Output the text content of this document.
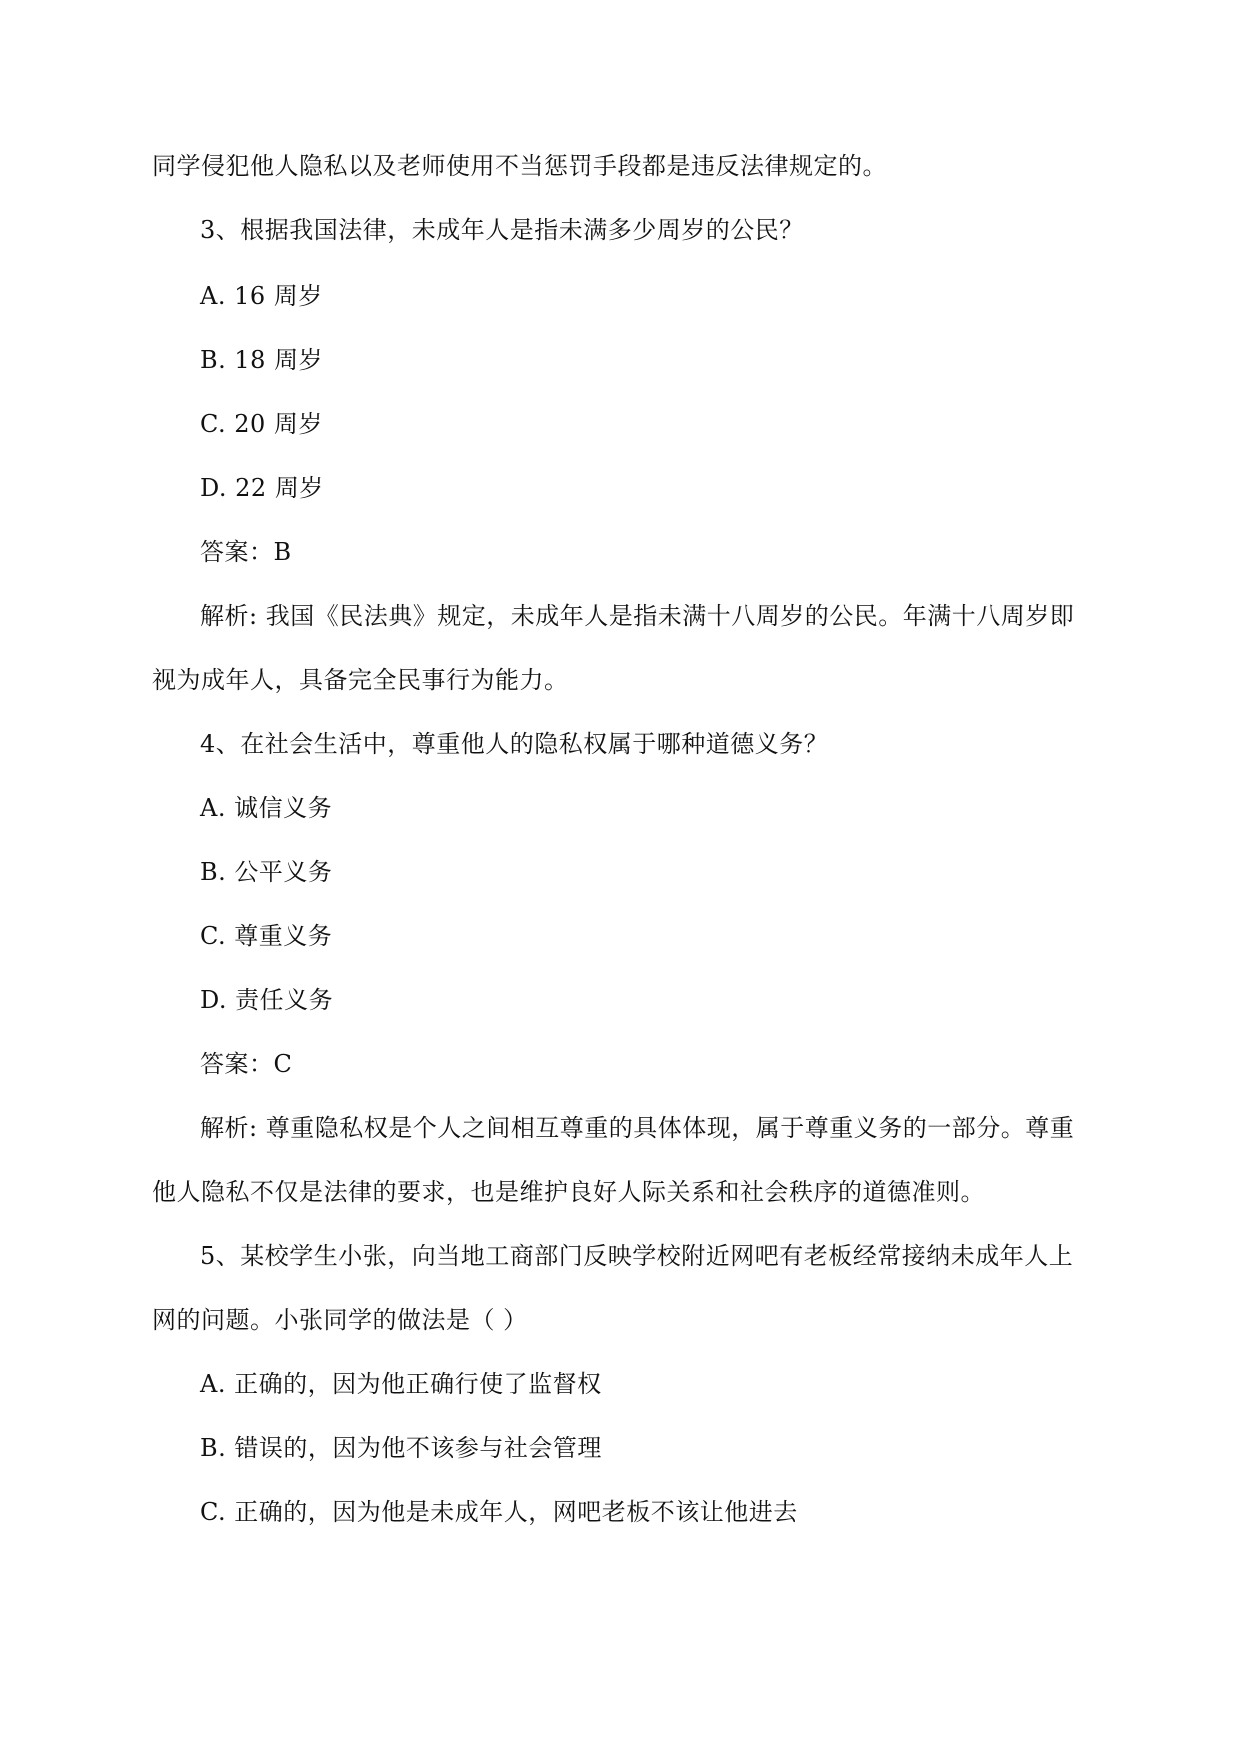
同学侵犯他人隐私以及老师使用不当惩罚手段都是违反法律规定的。
3、根据我国法律，未成年人是指未满多少周岁的公民？
A. 16 周岁
B. 18 周岁
C. 20 周岁
D. 22 周岁
答案：B
解析: 我国《民法典》规定，未成年人是指未满十八周岁的公民。年满十八周岁即
视为成年人，具备完全民事行为能力。
4、在社会生活中，尊重他人的隐私权属于哪种道德义务？
A. 诚信义务
B. 公平义务
C. 尊重义务
D. 责任义务
答案：C
解析: 尊重隐私权是个人之间相互尊重的具体体现，属于尊重义务的一部分。尊重
他人隐私不仅是法律的要求，也是维护良好人际关系和社会秩序的道德准则。
5、某校学生小张，向当地工商部门反映学校附近网吧有老板经常接纳未成年人上
网的问题。小张同学的做法是（ ）
A. 正确的，因为他正确行使了监督权
B. 错误的，因为他不该参与社会管理
C. 正确的，因为他是未成年人，网吧老板不该让他进去
